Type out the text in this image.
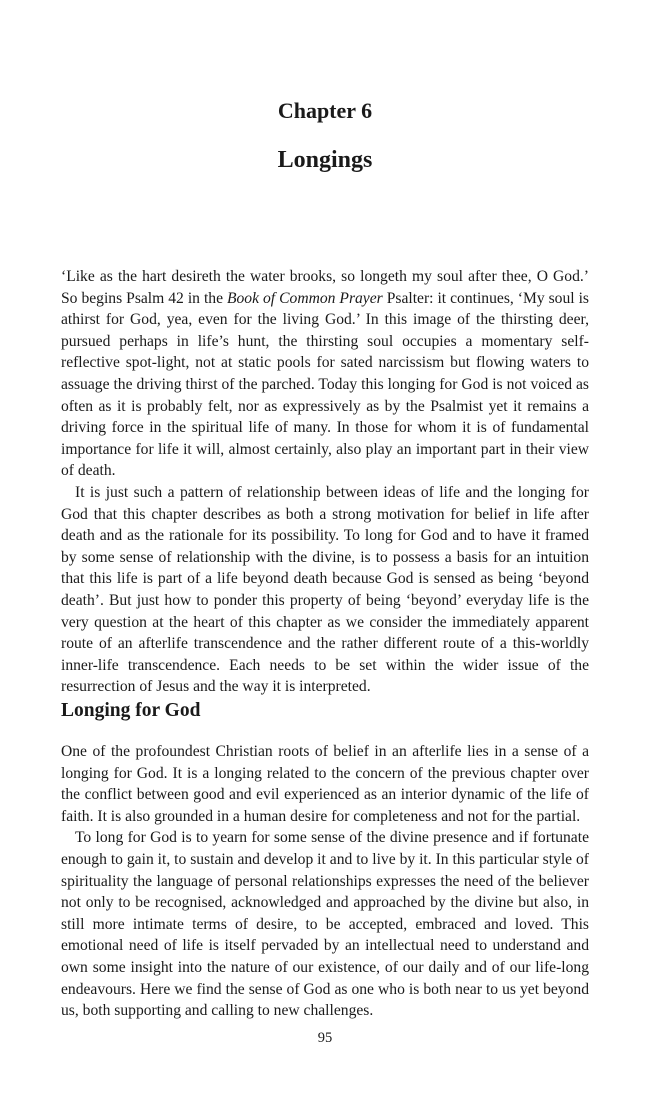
Chapter 6
Longings

‘Like as the hart desireth the water brooks, so longeth my soul after thee, O God.’ So begins Psalm 42 in the Book of Common Prayer Psalter: it continues, ‘My soul is athirst for God, yea, even for the living God.’ In this image of the thirsting deer, pursued perhaps in life’s hunt, the thirsting soul occupies a momentary self-reflective spot-light, not at static pools for sated narcissism but flowing waters to assuage the driving thirst of the parched. Today this longing for God is not voiced as often as it is probably felt, nor as expressively as by the Psalmist yet it remains a driving force in the spiritual life of many. In those for whom it is of fundamental importance for life it will, almost certainly, also play an important part in their view of death.

It is just such a pattern of relationship between ideas of life and the longing for God that this chapter describes as both a strong motivation for belief in life after death and as the rationale for its possibility. To long for God and to have it framed by some sense of relationship with the divine, is to possess a basis for an intuition that this life is part of a life beyond death because God is sensed as being ‘beyond death’. But just how to ponder this property of being ‘beyond’ everyday life is the very question at the heart of this chapter as we consider the immediately apparent route of an afterlife transcendence and the rather different route of a this-worldly inner-life transcendence. Each needs to be set within the wider issue of the resurrection of Jesus and the way it is interpreted.

Longing for God

One of the profoundest Christian roots of belief in an afterlife lies in a sense of a longing for God. It is a longing related to the concern of the previous chapter over the conflict between good and evil experienced as an interior dynamic of the life of faith. It is also grounded in a human desire for completeness and not for the partial.

To long for God is to yearn for some sense of the divine presence and if fortunate enough to gain it, to sustain and develop it and to live by it. In this particular style of spirituality the language of personal relationships expresses the need of the believer not only to be recognised, acknowledged and approached by the divine but also, in still more intimate terms of desire, to be accepted, embraced and loved. This emotional need of life is itself pervaded by an intellectual need to understand and own some insight into the nature of our existence, of our daily and of our life-long endeavours. Here we find the sense of God as one who is both near to us yet beyond us, both supporting and calling to new challenges.

95
